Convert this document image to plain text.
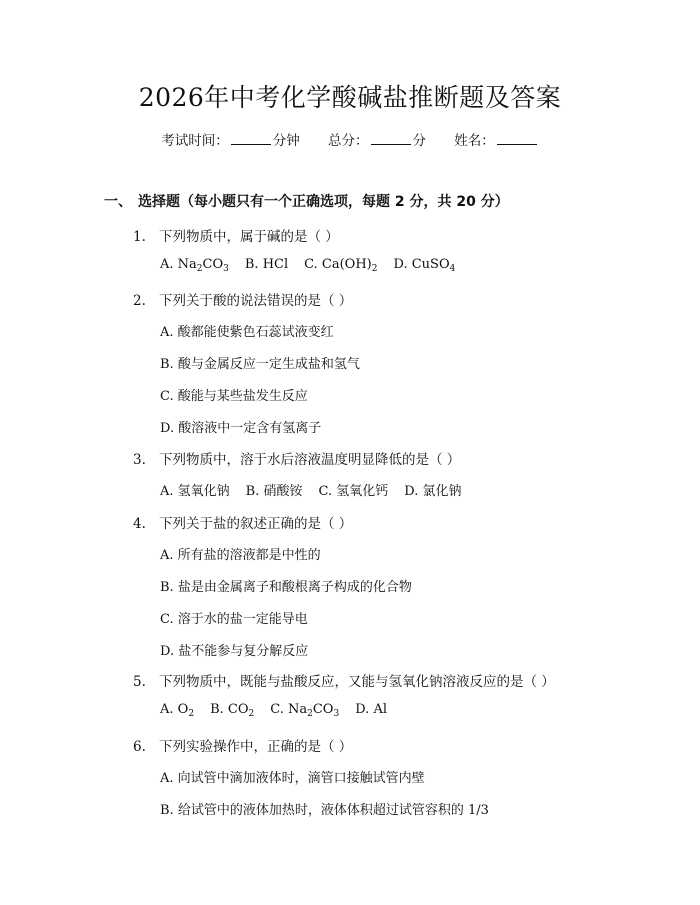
2026年中考化学酸碱盐推断题及答案
考试时间：	分钟 总分：	分 姓名：
一、 选择题（每小题只有一个正确选项，每题 2 分，共 20 分）
1. 下列物质中，属于碱的是（ ）
A. $Na_2CO_3$ B. HCl C. $Ca(OH)_2$ D. CuSO$_4$
2. 下列关于酸的说法错误的是（ ）
A. 酸都能使紫色石蕊试液变红
B. 酸与金属反应一定生成盐和氢气
C. 酸能与某些盐发生反应
D. 酸溶液中一定含有氢离子
3. 下列物质中，溶于水后溶液温度明显降低的是（ ）
A. 氢氧化钠 B. 硝酸铵 C. 氢氧化钙 D. 氯化钠
4. 下列关于盐的叙述正确的是（ ）
A. 所有盐的溶液都是中性的
B. 盐是由金属离子和酸根离子构成的化合物
C. 溶于水的盐一定能导电
D. 盐不能参与复分解反应
5. 下列物质中，既能与盐酸反应，又能与氢氧化钠溶液反应的是（ ）
A. $O_2$ B. $CO_2$ C. $Na_2CO_3$ D. Al
6. 下列实验操作中，正确的是（ ）
A. 向试管中滴加液体时，滴管口接触试管内壁
B. 给试管中的液体加热时，液体体积超过试管容积的 1/3
